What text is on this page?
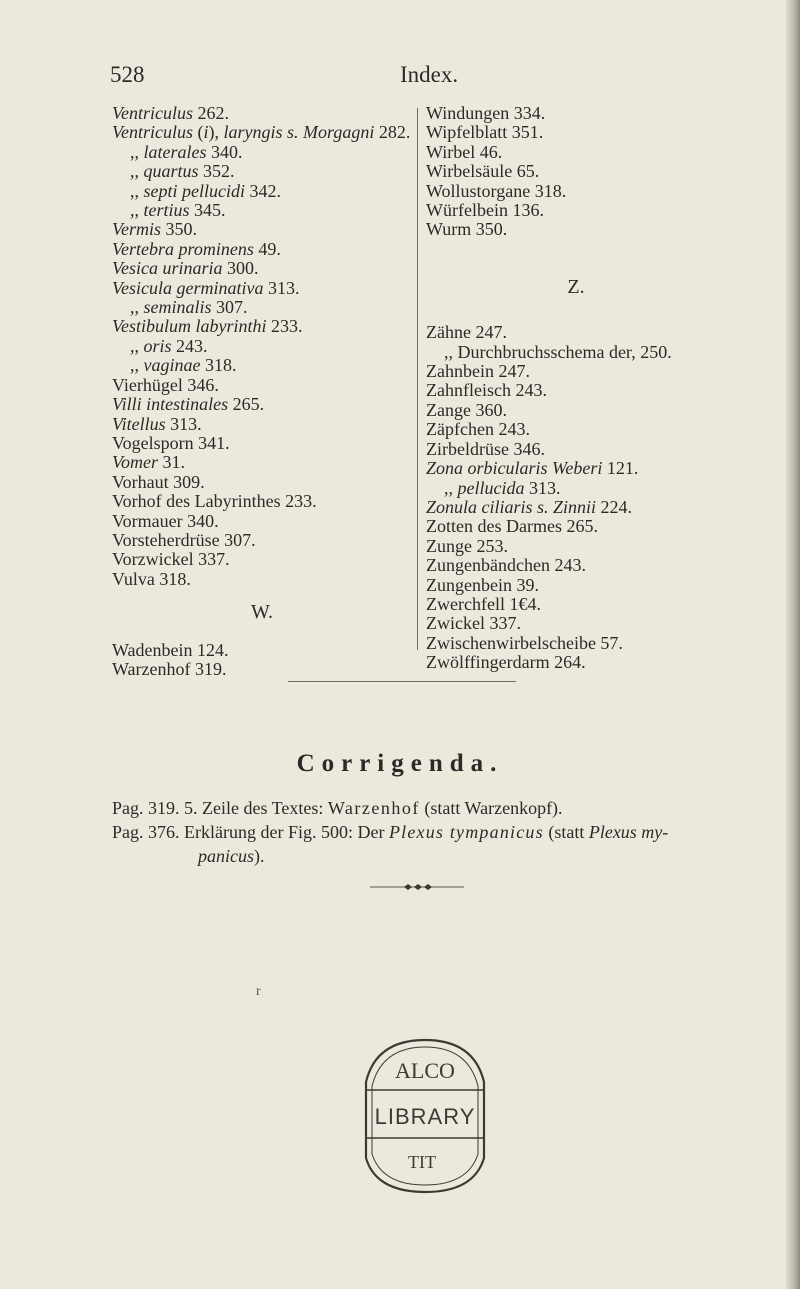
528	Index.
Ventriculus 262.
Ventriculus (i), laryngis s. Morgagni 282.
,, laterales 340.
,, quartus 352.
,, septi pellucidi 342.
,, tertius 345.
Vermis 350.
Vertebra prominens 49.
Vesica urinaria 300.
Vesicula germinativa 313.
,, seminalis 307.
Vestibulum labyrinthi 233.
,, oris 243.
,, vaginae 318.
Vierhügel 346.
Villi intestinales 265.
Vitellus 313.
Vogelsporn 341.
Vomer 31.
Vorhaut 309.
Vorhof des Labyrinthes 233.
Vormauer 340.
Vorsteherdrüse 307.
Vorzwickel 337.
Vulva 318.
W.
Wadenbein 124.
Warzenhof 319.
Windungen 334.
Wipfelblatt 351.
Wirbel 46.
Wirbelsäule 65.
Wollustorgane 318.
Würfelbein 136.
Wurm 350.
Z.
Zähne 247.
,, Durchbruchsschema der, 250.
Zahnbein 247.
Zahnfleisch 243.
Zange 360.
Zäpfchen 243.
Zirbeldrüse 346.
Zona orbicularis Weberi 121.
,, pellucida 313.
Zonula ciliaris s. Zinnii 224.
Zotten des Darmes 265.
Zunge 253.
Zungenbändchen 243.
Zungenbein 39.
Zwerchfell 1€4.
Zwickel 337.
Zwischenwirbelscheibe 57.
Zwölffingerdarm 264.
Corrigenda.
Pag. 319. 5. Zeile des Textes: Warzenhof (statt Warzenkopf).
Pag. 376. Erklärung der Fig. 500: Der Plexus tympanicus (statt Plexus my-
panicus).
r
ALCO
LIBRARY
TIT
